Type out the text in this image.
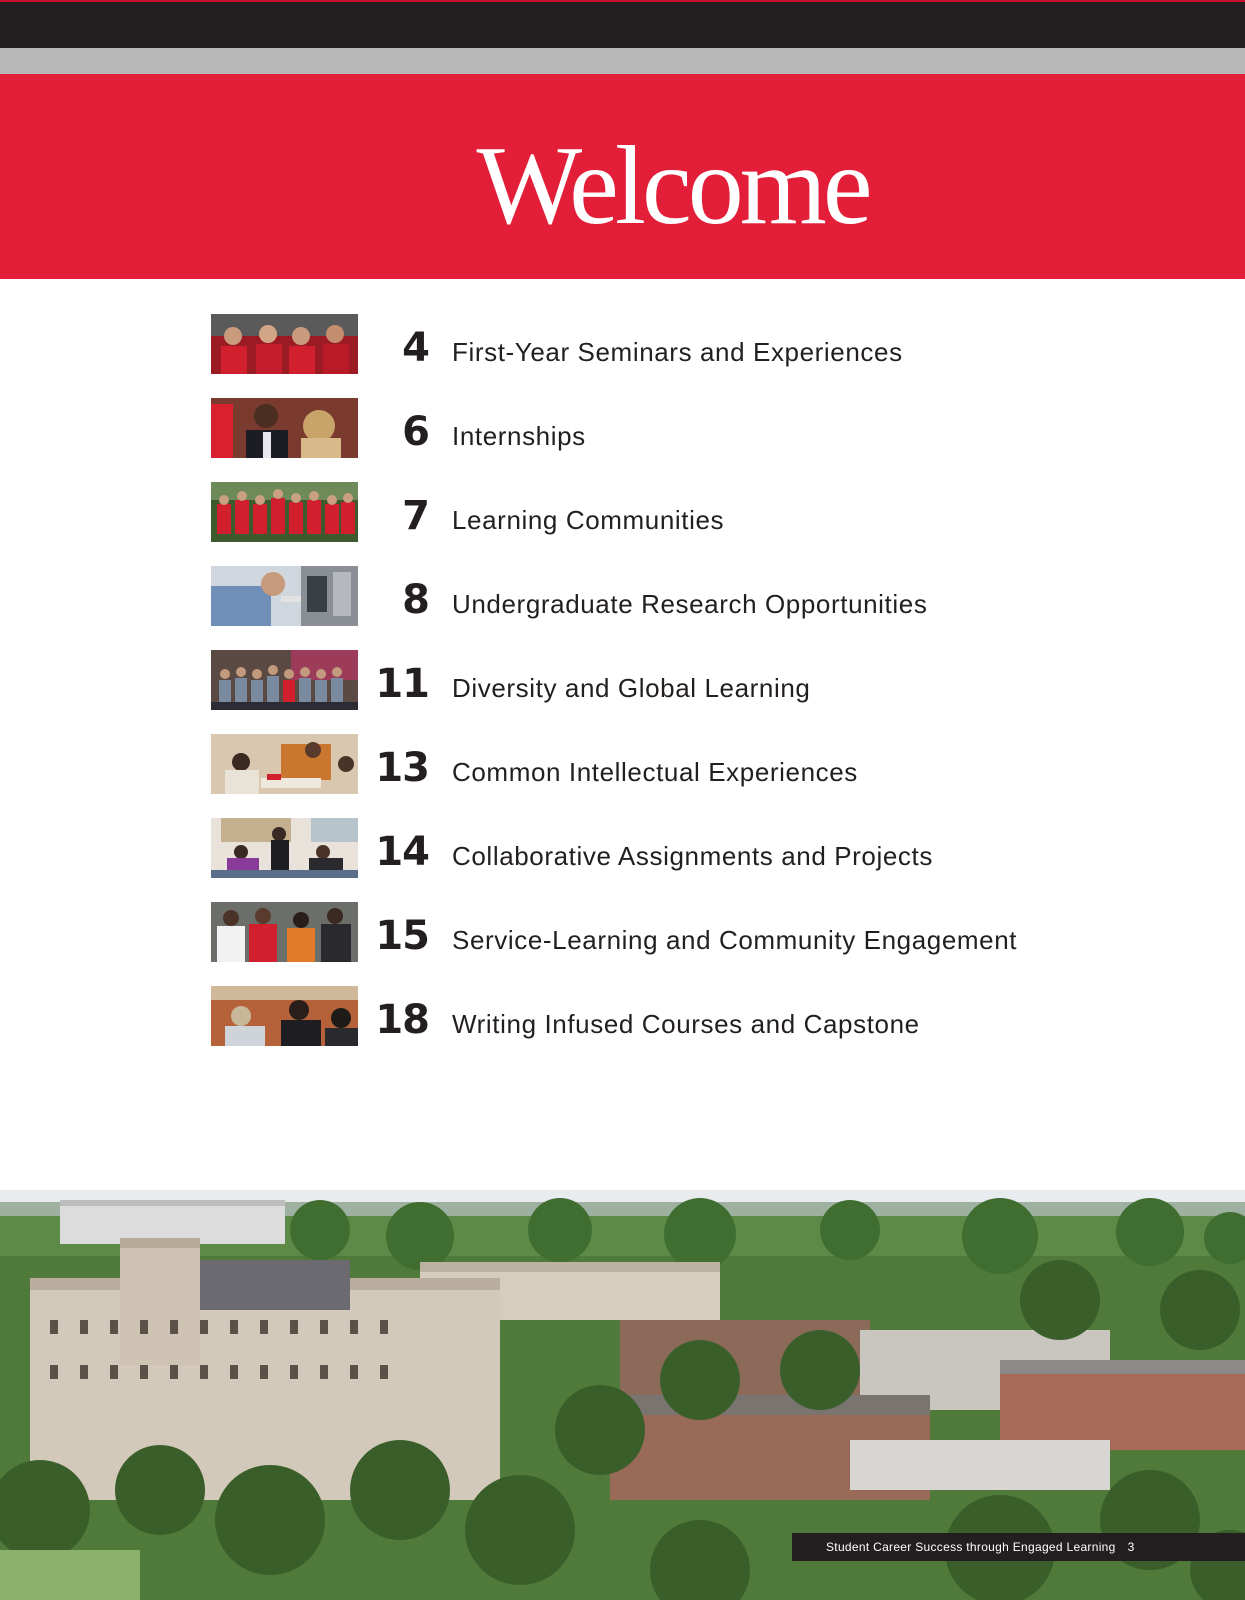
Welcome
4 First-Year Seminars and Experiences
6 Internships
7 Learning Communities
8 Undergraduate Research Opportunities
11 Diversity and Global Learning
13 Common Intellectual Experiences
14 Collaborative Assignments and Projects
15 Service-Learning and Community Engagement
18 Writing Infused Courses and Capstone
Student Career Success through Engaged Learning 3
